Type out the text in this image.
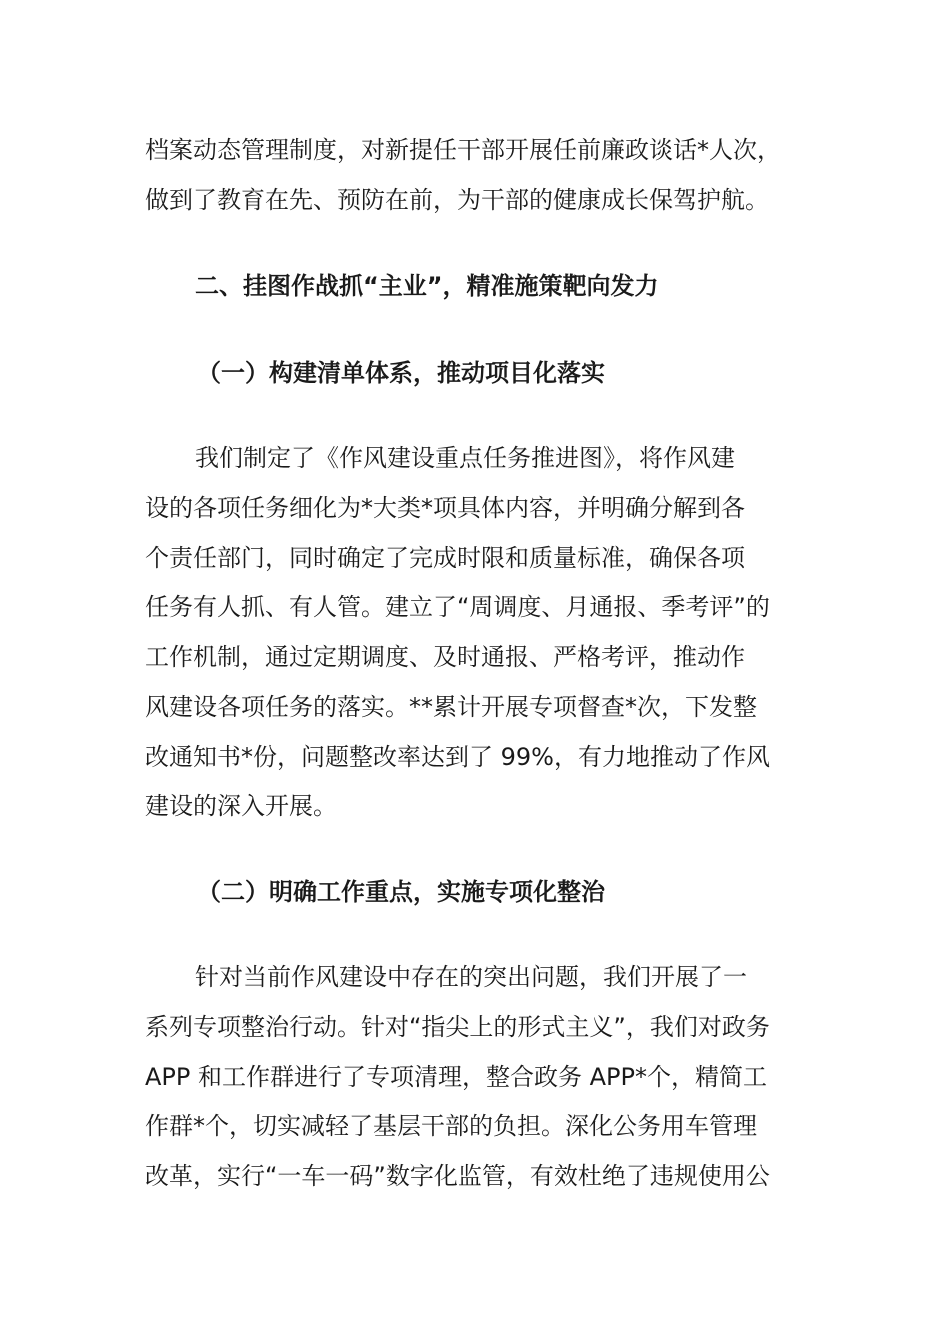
档案动态管理制度，对新提任干部开展任前廉政谈话*人次，
做到了教育在先、预防在前，为干部的健康成长保驾护航。
二、挂图作战抓“主业”，精准施策靶向发力
（一）构建清单体系，推动项目化落实
我们制定了《作风建设重点任务推进图》，将作风建
设的各项任务细化为*大类*项具体内容，并明确分解到各
个责任部门，同时确定了完成时限和质量标准，确保各项
任务有人抓、有人管。建立了“周调度、月通报、季考评”的
工作机制，通过定期调度、及时通报、严格考评，推动作
风建设各项任务的落实。**累计开展专项督查*次，下发整
改通知书*份，问题整改率达到了 99%，有力地推动了作风
建设的深入开展。
（二）明确工作重点，实施专项化整治
针对当前作风建设中存在的突出问题，我们开展了一
系列专项整治行动。针对“指尖上的形式主义”，我们对政务
APP 和工作群进行了专项清理，整合政务 APP*个，精简工
作群*个，切实减轻了基层干部的负担。深化公务用车管理
改革，实行“一车一码”数字化监管，有效杜绝了违规使用公
